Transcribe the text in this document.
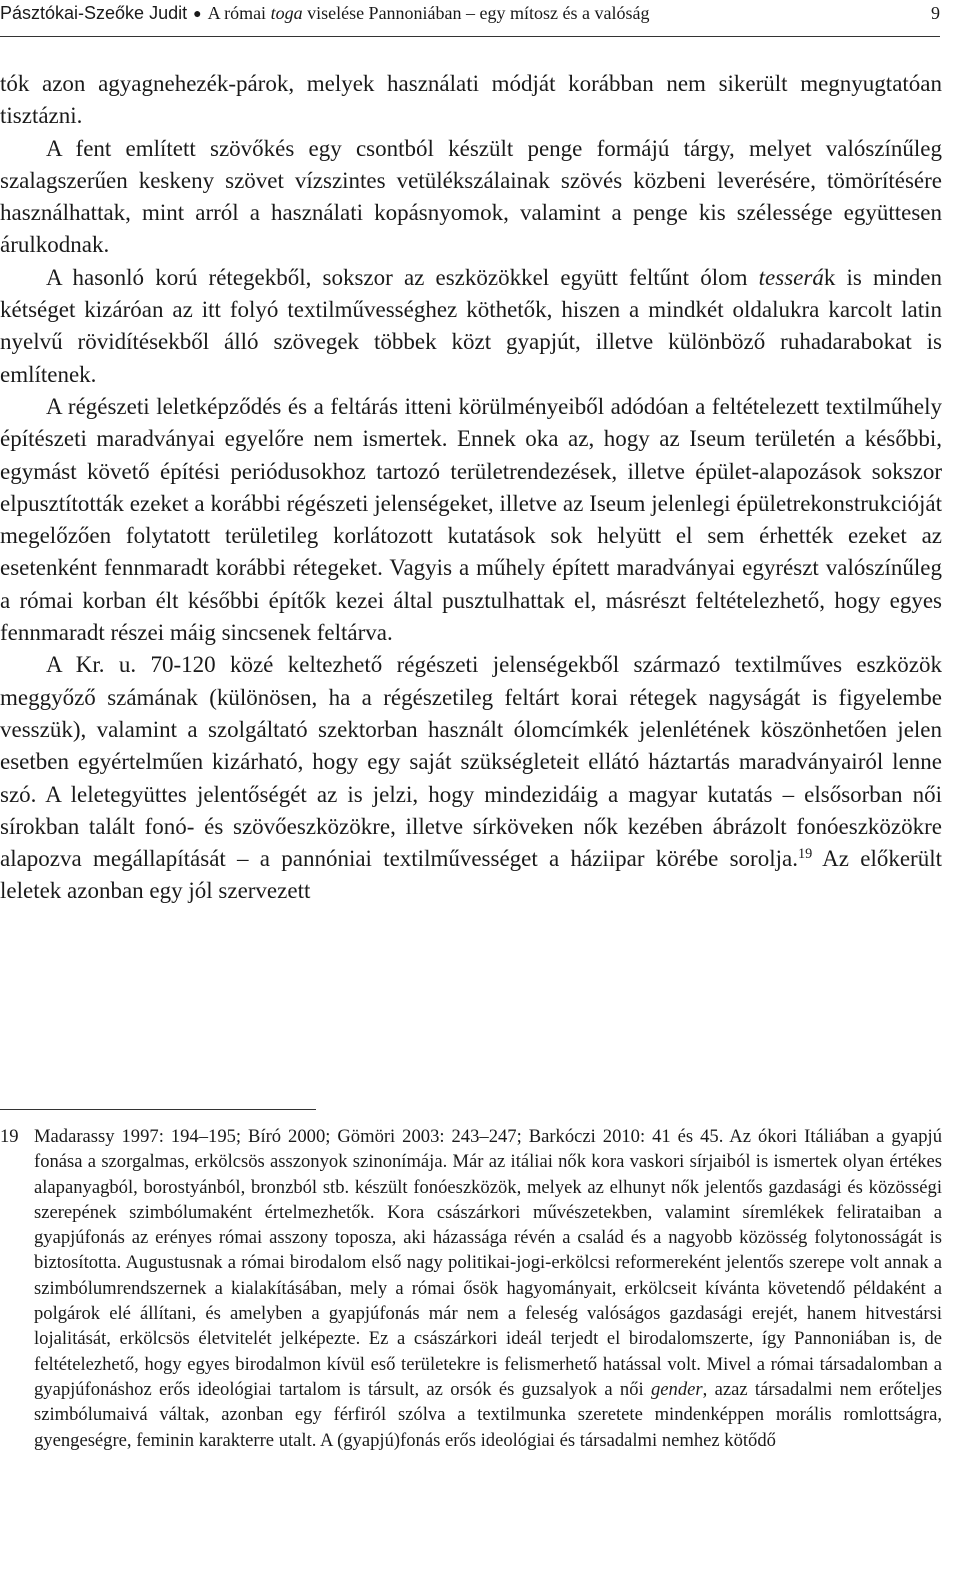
Pásztókai-Szeőke Judit ● A római toga viselése Pannoniában – egy mítosz és a valóság	9

tók azon agyagnehezék-párok, melyek használati módját korábban nem sikerült megnyugtatóan tisztázni.

A fent említett szövőkés egy csontból készült penge formájú tárgy, melyet valószínűleg szalagszerűen keskeny szövet vízszintes vetülékszálainak szövés közbeni leverésére, tömörítésére használhattak, mint arról a használati kopásnyomok, valamint a penge kis szélessége együttesen árulkodnak.

A hasonló korú rétegekből, sokszor az eszközökkel együtt feltűnt ólom tesserák is minden kétséget kizáróan az itt folyó textilművességhez köthetők, hiszen a mindkét oldalukra karcolt latin nyelvű rövidítésekből álló szövegek többek közt gyapjút, illetve különböző ruhadarabokat is említenek.

A régészeti leletképződés és a feltárás itteni körülményeiből adódóan a feltételezett textilműhely építészeti maradványai egyelőre nem ismertek. Ennek oka az, hogy az Iseum területén a későbbi, egymást követő építési periódusokhoz tartozó területrendezések, illetve épület-alapozások sokszor elpusztították ezeket a korábbi régészeti jelenségeket, illetve az Iseum jelenlegi épületrekonstrukcióját megelőzően folytatott területileg korlátozott kutatások sok helyütt el sem érhették ezeket az esetenként fennmaradt korábbi rétegeket. Vagyis a műhely épített maradványai egyrészt valószínűleg a római korban élt későbbi építők kezei által pusztulhattak el, másrészt feltételezhető, hogy egyes fennmaradt részei máig sincsenek feltárva.

A Kr. u. 70-120 közé keltezhető régészeti jelenségekből származó textilműves eszközök meggyőző számának (különösen, ha a régészetileg feltárt korai rétegek nagyságát is figyelembe vesszük), valamint a szolgáltató szektorban használt ólomcímkék jelenlétének köszönhetően jelen esetben egyértelműen kizárható, hogy egy saját szükségleteit ellátó háztartás maradványairól lenne szó. A leletegyüttes jelentőségét az is jelzi, hogy mindezidáig a magyar kutatás – elsősorban női sírokban talált fonó- és szövőeszközökre, illetve sírköveken nők kezében ábrázolt fonóeszközökre alapozva megállapítását – a pannóniai textilművességet a háziipar körébe sorolja.$^{19}$ Az előkerült leletek azonban egy jól szervezett

19 Madarassy 1997: 194–195; Bíró 2000; Gömöri 2003: 243–247; Barkóczi 2010: 41 és 45. Az ókori Itáliában a gyapjú fonása a szorgalmas, erkölcsös asszonyok szinonímája. Már az itáliai nők kora vaskori sírjaiból is ismertek olyan értékes alapanyagból, borostyánból, bronzból stb. készült fonóeszközök, melyek az elhunyt nők jelentős gazdasági és közösségi szerepének szimbólumaként értelmezhetők. Kora császárkori művészetekben, valamint síremlékek felirataiban a gyapjúfonás az erényes római asszony toposza, aki házassága révén a család és a nagyobb közösség folytonosságát is biztosította. Augustusnak a római birodalom első nagy politikai-jogi-erkölcsi reformereként jelentős szerepe volt annak a szimbólumrendszernek a kialakításában, mely a római ősök hagyományait, erkölcseit kívánta követendő példaként a polgárok elé állítani, és amelyben a gyapjúfonás már nem a feleség valóságos gazdasági erejét, hanem hitvestársi lojalitását, erkölcsös életvitelét jelképezte. Ez a császárkori ideál terjedt el birodalomszerte, így Pannoniában is, de feltételezhető, hogy egyes birodalmon kívül eső területekre is felismerhető hatással volt. Mivel a római társadalomban a gyapjúfonáshoz erős ideológiai tartalom is társult, az orsók és guzsalyok a női gender, azaz társadalmi nem erőteljes szimbólumaivá váltak, azonban egy férfiról szólva a textilmunka szeretete mindenképpen morális romlottságra, gyengeségre, feminin karakterre utalt. A (gyapjú)fonás erős ideológiai és társadalmi nemhez kötődő
